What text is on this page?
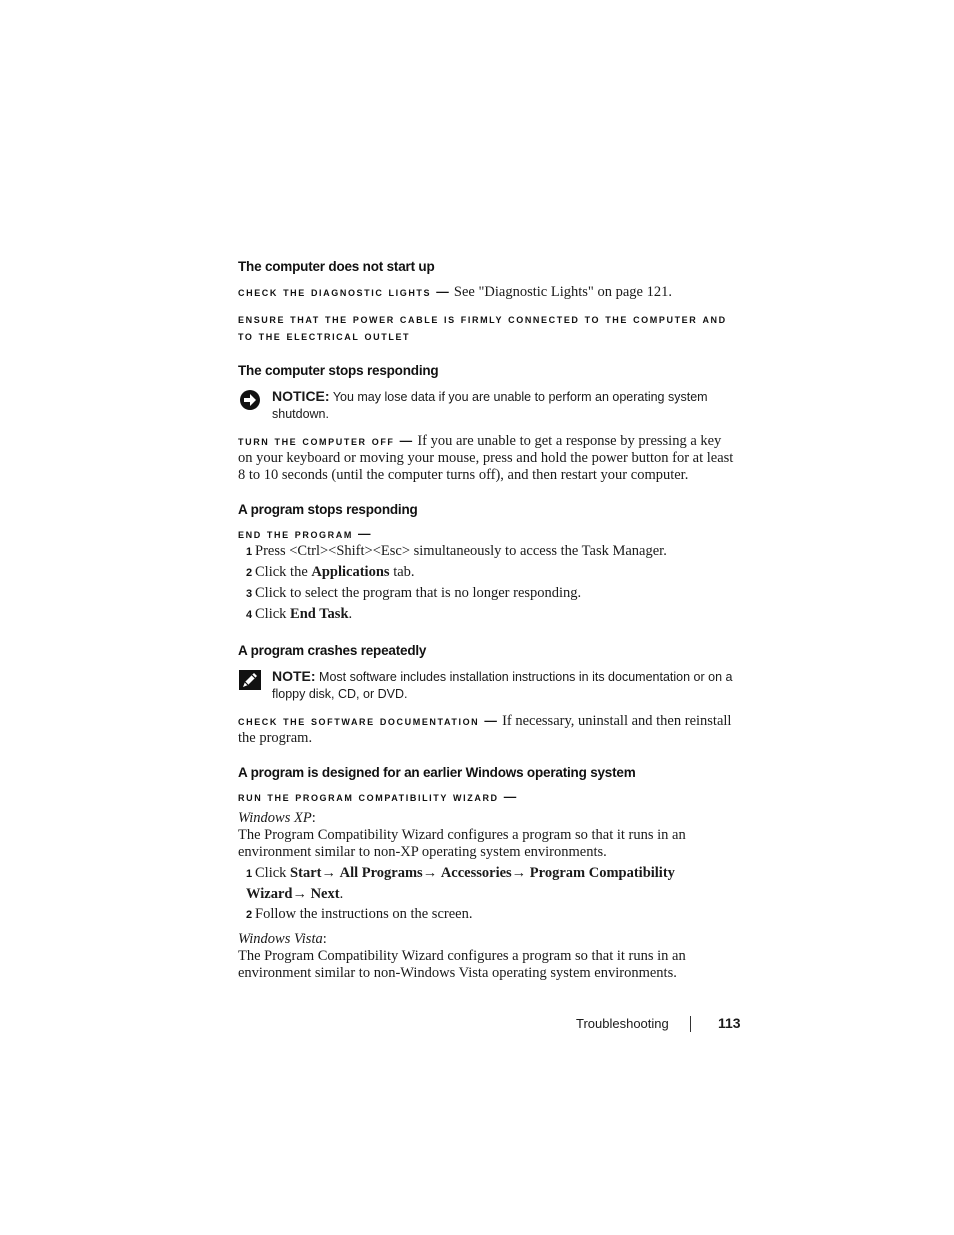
The computer does not start up
check the diagnostic lights — See "Diagnostic Lights" on page 121.
ensure that the power cable is firmly connected to the computer and to the electrical outlet
The computer stops responding
NOTICE: You may lose data if you are unable to perform an operating system shutdown.
turn the computer off — If you are unable to get a response by pressing a key on your keyboard or moving your mouse, press and hold the power button for at least 8 to 10 seconds (until the computer turns off), and then restart your computer.
A program stops responding
end the program —
1 Press <Ctrl><Shift><Esc> simultaneously to access the Task Manager.
2 Click the Applications tab.
3 Click to select the program that is no longer responding.
4 Click End Task.
A program crashes repeatedly
NOTE: Most software includes installation instructions in its documentation or on a floppy disk, CD, or DVD.
check the software documentation — If necessary, uninstall and then reinstall the program.
A program is designed for an earlier Windows operating system
run the program compatibility wizard —
Windows XP:

The Program Compatibility Wizard configures a program so that it runs in an environment similar to non-XP operating system environments.

1 Click Start→ All Programs→ Accessories→ Program Compatibility Wizard→ Next.
2 Follow the instructions on the screen.
Windows Vista:

The Program Compatibility Wizard configures a program so that it runs in an environment similar to non-Windows Vista operating system environments.

Troubleshooting	113
